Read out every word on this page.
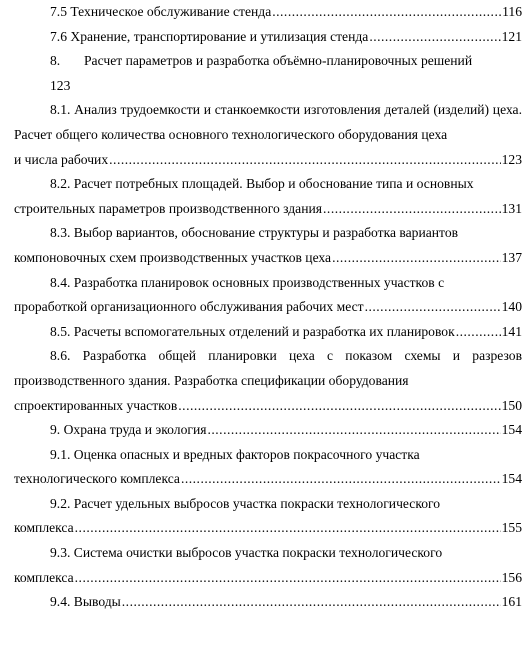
7.5 Техническое обслуживание стенда .....	116
7.6 Хранение, транспортирование и утилизация стенда .....	121
8. Расчет параметров и разработка объёмно-планировочных решений
123
8.1. Анализ трудоемкости и станкоемкости изготовления деталей (изделий) цеха. Расчет общего количества основного технологического оборудования цеха
и числа рабочих .....	123
8.2. Расчет потребных площадей. Выбор и обоснование типа и основных
строительных параметров производственного здания .....	131
8.3. Выбор вариантов, обоснование структуры и разработка вариантов
компоновочных схем производственных участков цеха .....	137
8.4. Разработка планировок основных производственных участков с
проработкой организационного обслуживания рабочих мест .....	140
8.5. Расчеты вспомогательных отделений и разработка их планировок .....	141
8.6. Разработка общей планировки цеха с показом схемы и разрезов производственного здания. Разработка спецификации оборудования
спроектированных участков .....	150
9. Охрана труда и экология .....	154
9.1. Оценка опасных и вредных факторов покрасочного участка
технологического комплекса .....	154
9.2. Расчет удельных выбросов участка покраски технологического
комплекса .....	155
9.3. Система очистки выбросов участка покраски технологического
комплекса .....	156
9.4. Выводы .....	161
